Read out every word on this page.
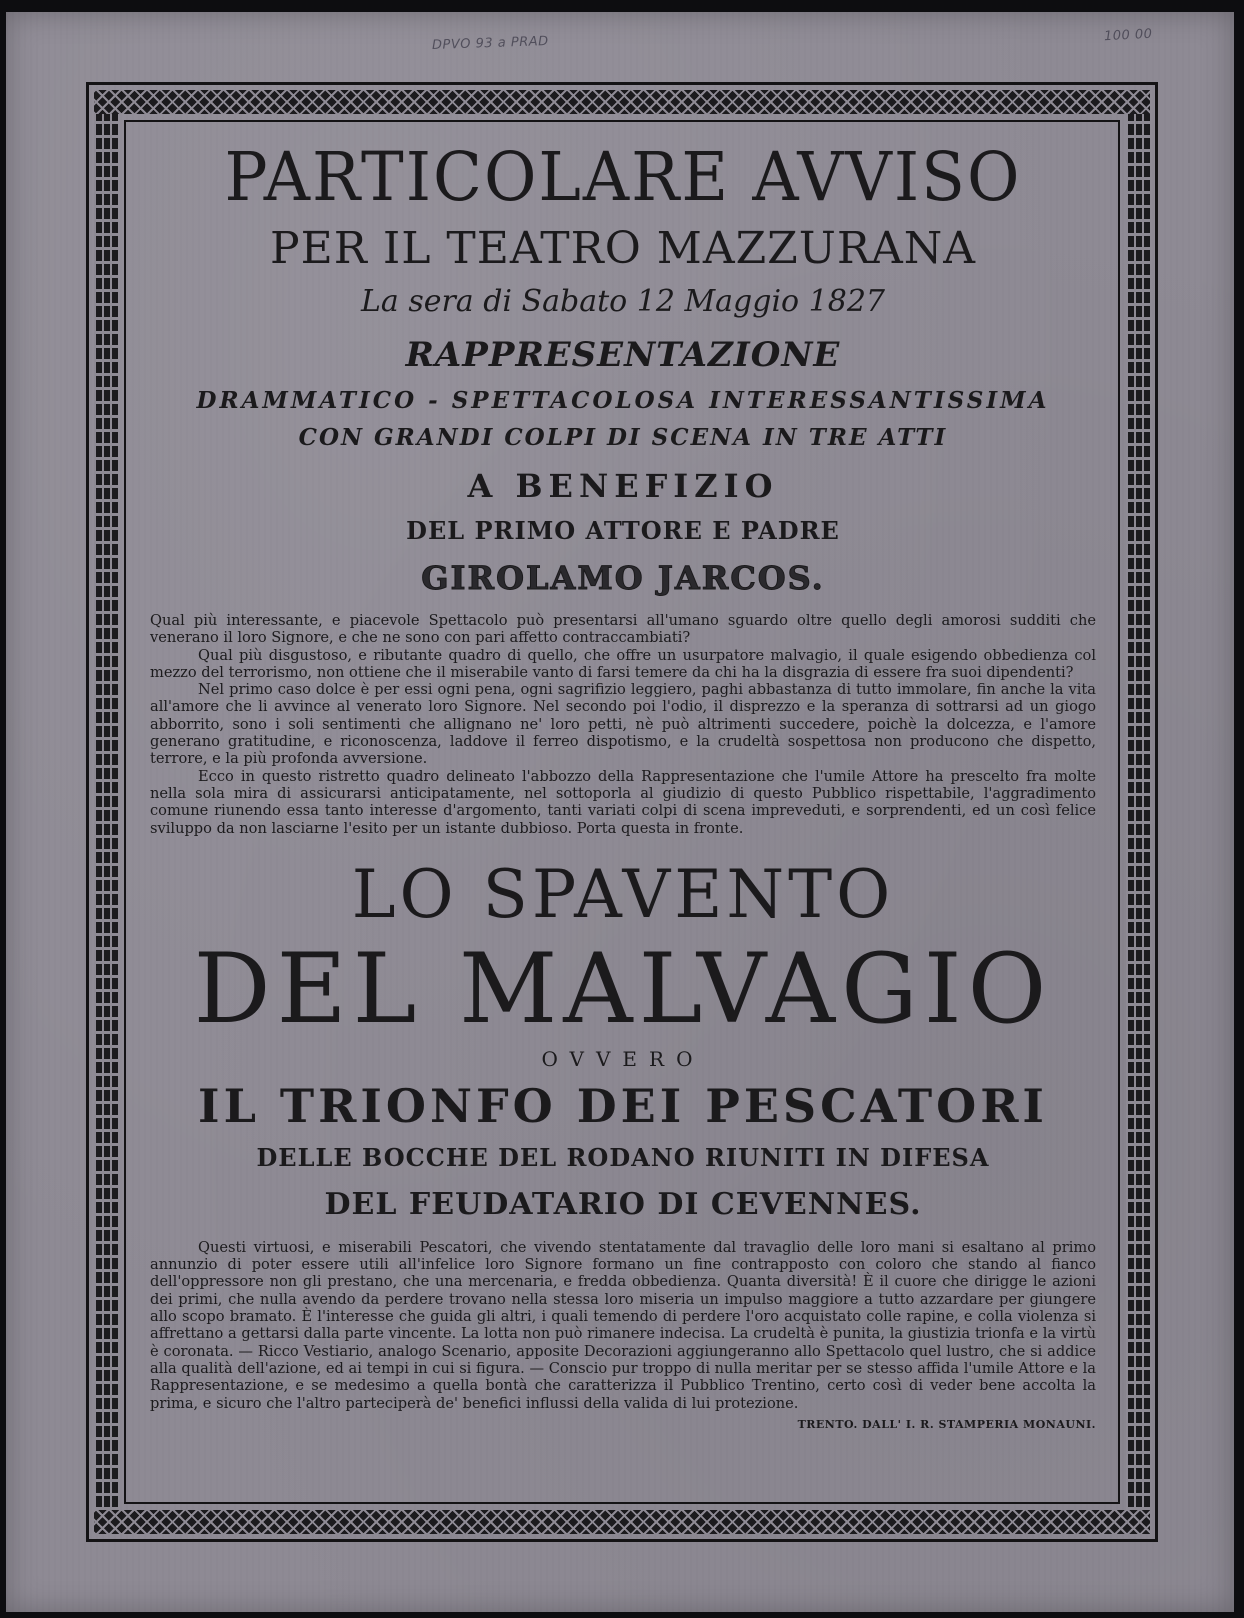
DPVO 93 a PRAD	100 00
PARTICOLARE AVVISO
PER IL TEATRO MAZZURANA
La sera di Sabato 12 Maggio 1827
RAPPRESENTAZIONE
DRAMMATICO - SPETTACOLOSA INTERESSANTISSIMA
CON GRANDI COLPI DI SCENA IN TRE ATTI
A BENEFIZIO
DEL PRIMO ATTORE E PADRE
GIROLAMO JARCOS.

Qual più interessante, e piacevole Spettacolo può presentarsi all'umano sguardo oltre quello degli amorosi sudditi che venerano il loro Signore, e che ne sono con pari affetto contraccambiati?

Qual più disgustoso, e ributante quadro di quello, che offre un usurpatore malvagio, il quale esigendo obbedienza col mezzo del terrorismo, non ottiene che il miserabile vanto di farsi temere da chi ha la disgrazia di essere fra suoi dipendenti?

Nel primo caso dolce è per essi ogni pena, ogni sagrifizio leggiero, paghi abbastanza di tutto immolare, fin anche la vita all'amore che li avvince al venerato loro Signore. Nel secondo poi l'odio, il disprezzo e la speranza di sottrarsi ad un giogo abborrito, sono i soli sentimenti che allignano ne' loro petti, nè può altrimenti succedere, poichè la dolcezza, e l'amore generano gratitudine, e riconoscenza, laddove il ferreo dispotismo, e la crudeltà sospettosa non producono che dispetto, terrore, e la più profonda avversione.

Ecco in questo ristretto quadro delineato l'abbozzo della Rappresentazione che l'umile Attore ha prescelto fra molte nella sola mira di assicurarsi anticipatamente, nel sottoporla al giudizio di questo Pubblico rispettabile, l'aggradimento comune riunendo essa tanto interesse d'argomento, tanti variati colpi di scena impreveduti, e sorprendenti, ed un così felice sviluppo da non lasciarne l'esito per un istante dubbioso. Porta questa in fronte.

LO SPAVENTO
DEL MALVAGIO
OVVERO
IL TRIONFO DEI PESCATORI
DELLE BOCCHE DEL RODANO RIUNITI IN DIFESA
DEL FEUDATARIO DI CEVENNES.

Questi virtuosi, e miserabili Pescatori, che vivendo stentatamente dal travaglio delle loro mani si esaltano al primo annunzio di poter essere utili all'infelice loro Signore formano un fine contrapposto con coloro che stando al fianco dell'oppressore non gli prestano, che una mercenaria, e fredda obbedienza. Quanta diversità! È il cuore che dirigge le azioni dei primi, che nulla avendo da perdere trovano nella stessa loro miseria un impulso maggiore a tutto azzardare per giungere allo scopo bramato. È l'interesse che guida gli altri, i quali temendo di perdere l'oro acquistato colle rapine, e colla violenza si affrettano a gettarsi dalla parte vincente. La lotta non può rimanere indecisa. La crudeltà è punita, la giustizia trionfa e la virtù è coronata. — Ricco Vestiario, analogo Scenario, apposite Decorazioni aggiungeranno allo Spettacolo quel lustro, che si addice alla qualità dell'azione, ed ai tempi in cui si figura. — Conscio pur troppo di nulla meritar per se stesso affida l'umile Attore e la Rappresentazione, e se medesimo a quella bontà che caratterizza il Pubblico Trentino, certo così di veder bene accolta la prima, e sicuro che l'altro parteciperà de' benefici influssi della valida di lui protezione.

TRENTO. DALL' I. R. STAMPERIA MONAUNI.
